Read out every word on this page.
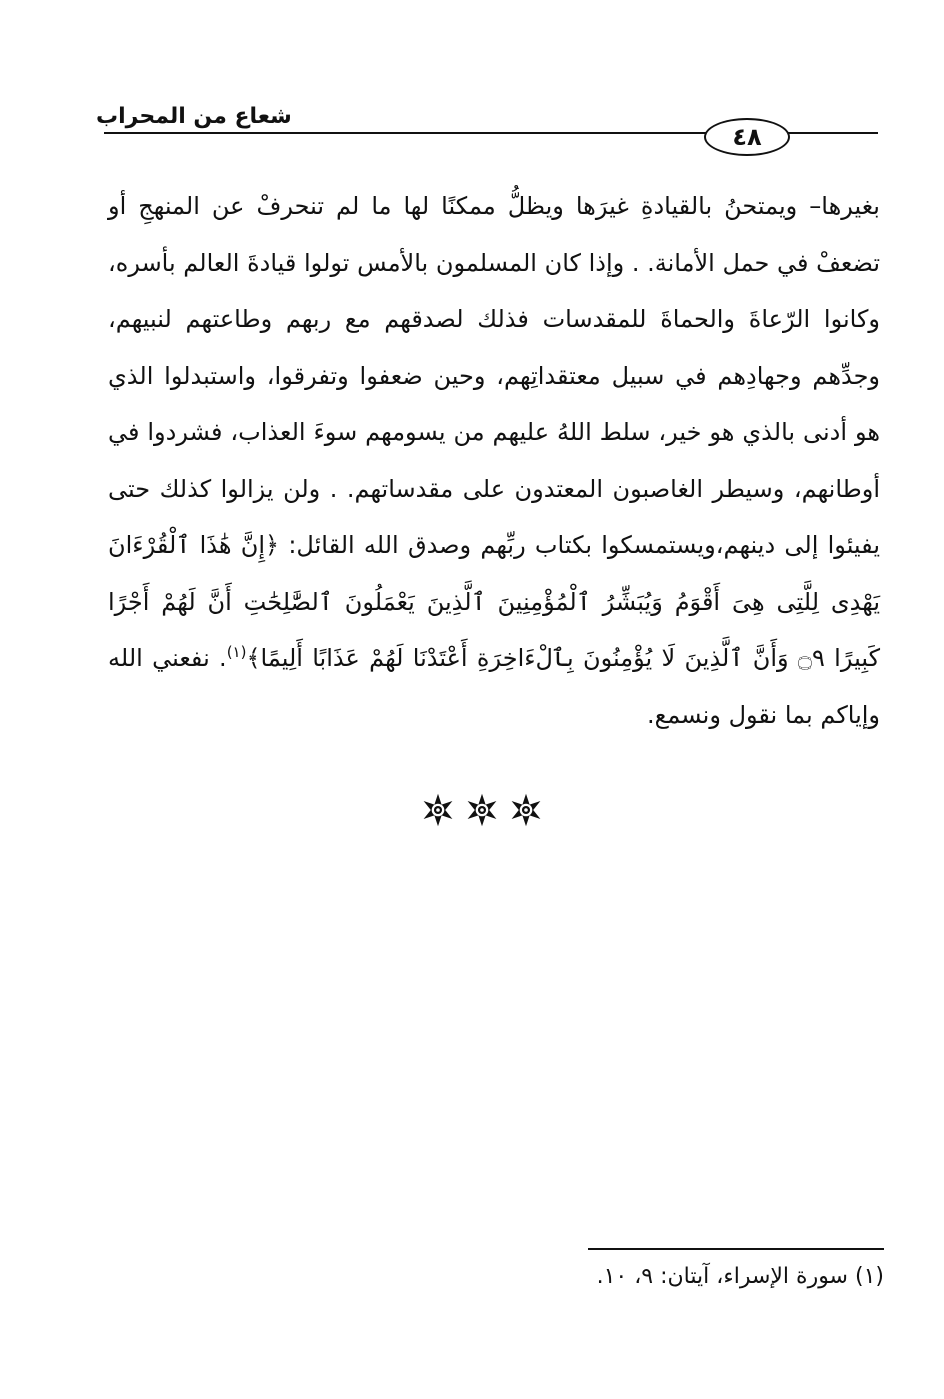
شعاع من المحراب
٤٨

بغيرها– ويمتحنُ بالقيادةِ غيرَها ويظلُّ ممكنًا لها ما لم تنحرفْ عن المنهجِ أو تضعفْ في حمل الأمانة. . وإذا كان المسلمون بالأمس تولوا قيادةَ العالم بأسره، وكانوا الرّعاةَ والحماةَ للمقدسات فذلك لصدقهم مع ربهم وطاعتهم لنبيهم، وجدِّهم وجهادِهم في سبيل معتقداتِهم، وحين ضعفوا وتفرقوا، واستبدلوا الذي هو أدنى بالذي هو خير، سلط اللهُ عليهم من يسومهم سوءَ العذاب، فشردوا في أوطانهم، وسيطر الغاصبون المعتدون على مقدساتهم. . ولن يزالوا كذلك حتى يفيئوا إلى دينهم،ويستمسكوا بكتاب ربِّهم وصدق الله القائل: ﴿إِنَّ هَٰذَا ٱلْقُرْءَانَ يَهْدِى لِلَّتِى هِىَ أَقْوَمُ وَيُبَشِّرُ ٱلْمُؤْمِنِينَ ٱلَّذِينَ يَعْمَلُونَ ٱلصَّٰلِحَٰتِ أَنَّ لَهُمْ أَجْرًا كَبِيرًا ۝٩ وَأَنَّ ٱلَّذِينَ لَا يُؤْمِنُونَ بِٱلْءَاخِرَةِ أَعْتَدْنَا لَهُمْ عَذَابًا أَلِيمًا﴾$^{(١)}$. نفعني الله وإياكم بما نقول ونسمع.

(١) سورة الإسراء، آيتان: ٩، ١٠.
